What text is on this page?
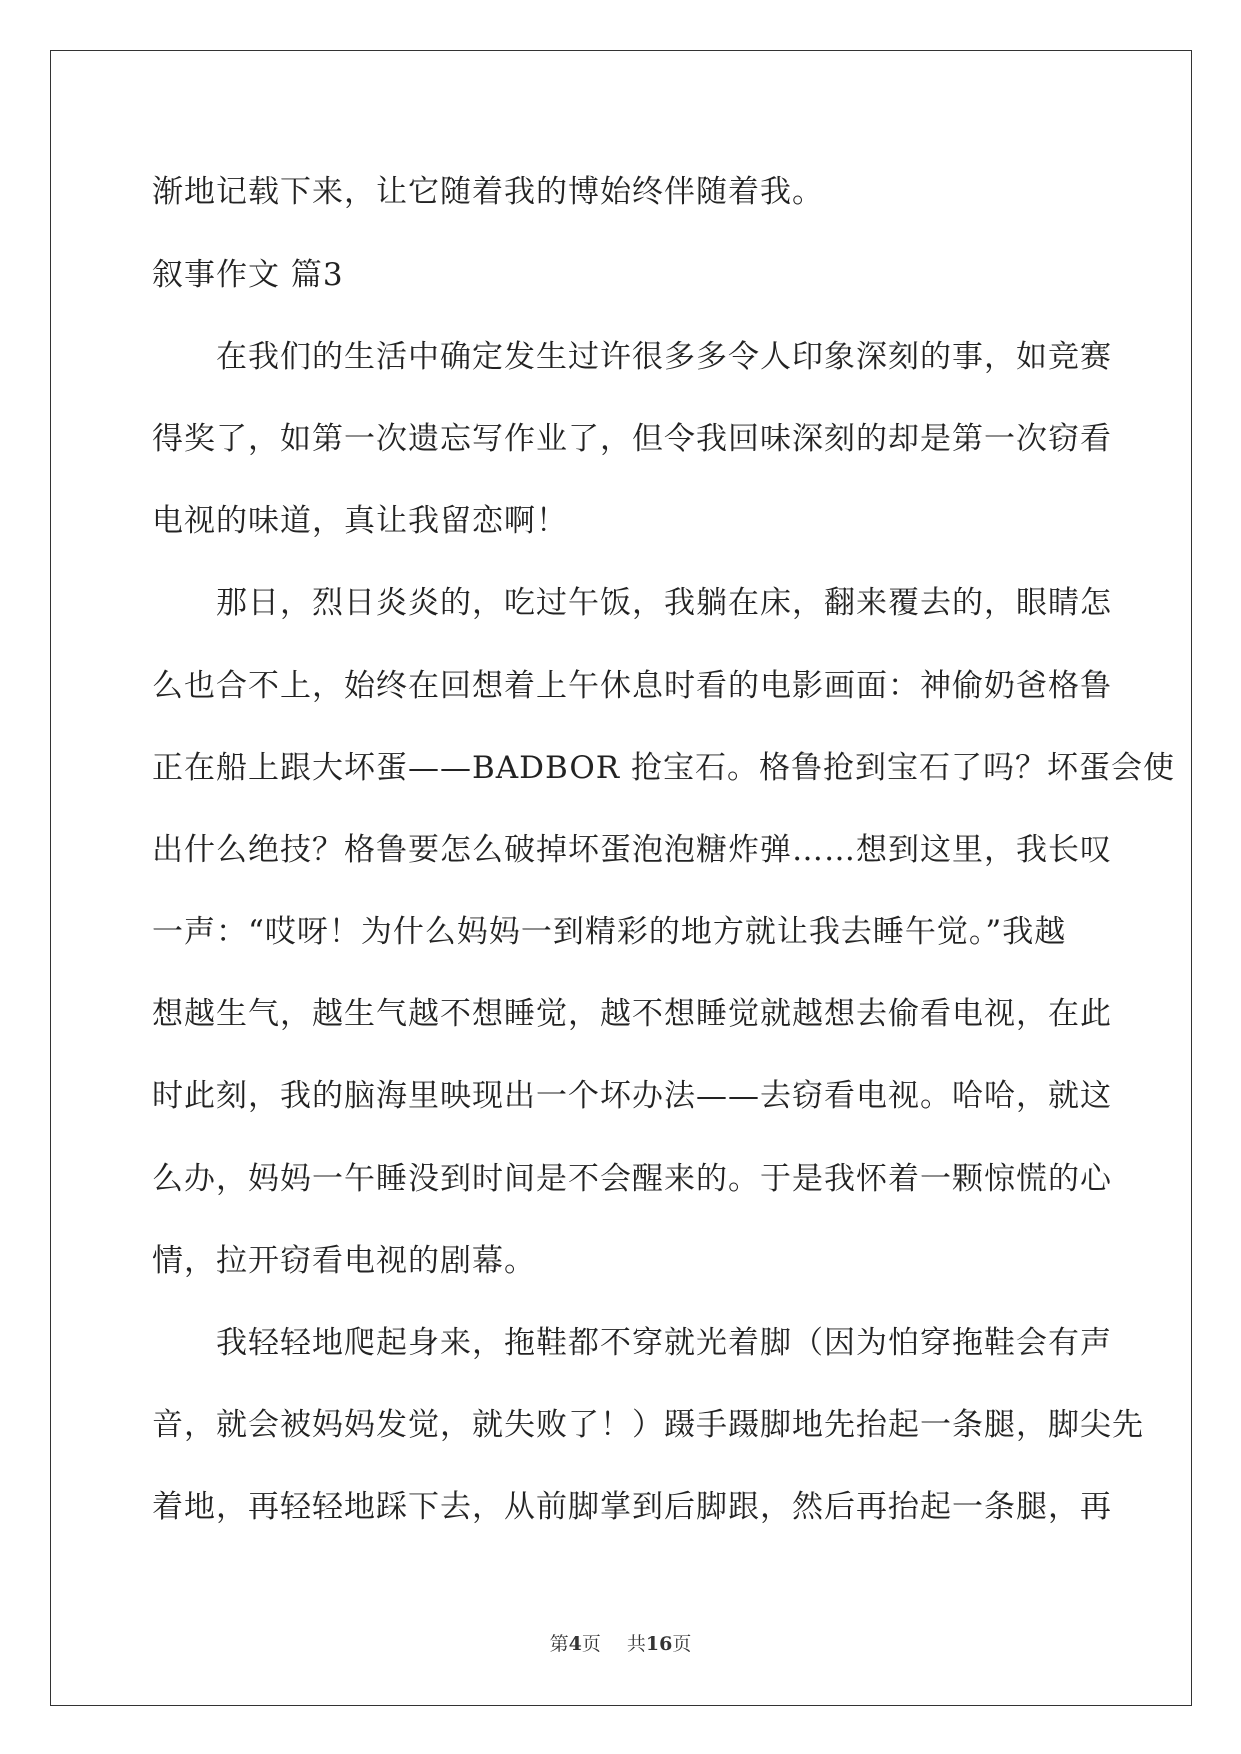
渐地记载下来，让它随着我的博始终伴随着我。
叙事作文 篇3
在我们的生活中确定发生过许很多多令人印象深刻的事，如竞赛
得奖了，如第一次遗忘写作业了，但令我回味深刻的却是第一次窃看
电视的味道，真让我留恋啊！
那日，烈日炎炎的，吃过午饭，我躺在床，翻来覆去的，眼睛怎
么也合不上，始终在回想着上午休息时看的电影画面：神偷奶爸格鲁
正在船上跟大坏蛋——BADBOR 抢宝石。格鲁抢到宝石了吗？坏蛋会使
出什么绝技？格鲁要怎么破掉坏蛋泡泡糖炸弹……想到这里，我长叹
一声：“哎呀！为什么妈妈一到精彩的地方就让我去睡午觉。”我越
想越生气，越生气越不想睡觉，越不想睡觉就越想去偷看电视，在此
时此刻，我的脑海里映现出一个坏办法——去窃看电视。哈哈，就这
么办，妈妈一午睡没到时间是不会醒来的。于是我怀着一颗惊慌的心
情，拉开窃看电视的剧幕。
我轻轻地爬起身来，拖鞋都不穿就光着脚（因为怕穿拖鞋会有声
音，就会被妈妈发觉，就失败了！）蹑手蹑脚地先抬起一条腿，脚尖先
着地，再轻轻地踩下去，从前脚掌到后脚跟，然后再抬起一条腿，再
第4页 共16页
